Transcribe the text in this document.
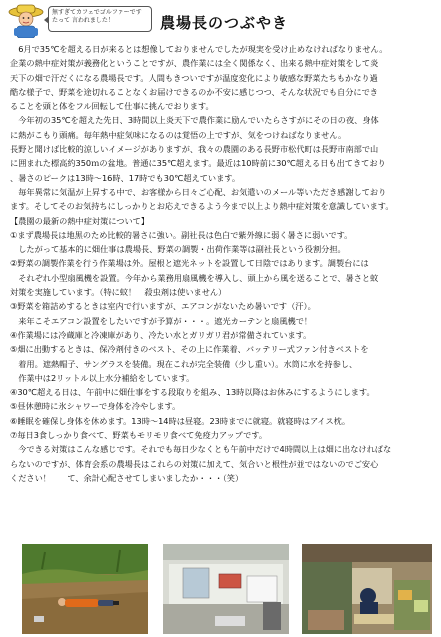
無すぎてカフェでゴルファーです
たって 言われました！	農場長のつぶやき

　6月で35℃を超える日が来るとは想像しておりませんでしたが現実を受け止めなければなりません。

企業の熱中症対策が義務化ということですが、農作業には全く関係なく、出来る熱中症対策をして炎

天下の畑で汗だくになる農場長です。人間もきついですが温度変化により敏感な野菜たちもかなり過

酷な様子で、野菜を途切れることなくお届けできるのか不安に感じつつ、そんな状況でも自分にでき

ることを頭と体をフル回転して仕事に挑んでおります。

　今年初の35℃を超えた先日、3時間以上炎天下で農作業に励んでいたらさすがにその日の夜、身体

に熱がこもり頭痛。毎年熱中症気味になるのは覚悟の上ですが、気をつけねばなりません。

長野と聞けば比較的涼しいイメージがありますが、我々の農園のある長野市松代町は長野市南部で山

に囲まれた標高約350ｍの盆地。普通に35℃超えます。最近は10時前に30℃超える日も出てきており

、暑さのピークは13時～16時、17時でも30℃超えています。

　毎年異常に気温が上昇する中で、お客様から日々ご心配、お気遣いのメール等いただき感謝しており

ます。そしてそのお気持ちにしっかりとお応えできるよう今まで以上より熱中症対策を意識しています。

【農園の最新の熱中症対策について】

①まず農場長は地黒のため比較的暑さに強い。副社長は色白で紫外線に弱く暑さに弱いです。

　したがって基本的に畑仕事は農場長、野菜の調製・出荷作業等は副社長という役割分担。

②野菜の調製作業を行う作業場は外。屋根と遮光ネットを設置して日陰ではあります。調製台には

　それぞれ小型扇風機を設置。今年から業務用扇風機を導入し、頭上から風を送ることで、暑さと蚊

対策を実施しています。（特に蚊！　殺虫剤は使いません）

③野菜を箱詰めするときは室内で行いますが、エアコンがないため暑いです（汗）。

　来年こそエアコン設置をしたいですが予算が・・・。遮光カーテンと扇風機で！

④作業場には冷蔵庫と冷凍庫があり、冷たい水とガリガリ君が常備されています。

⑤畑に出動するときは、保冷剤付きのベスト、その上に作業着、バッテリー式ファン付きベストを

　着用。遮熱帽子、サングラスを装備。現在これが完全装備（少し重い）。水筒に水を持参し、

　作業中は2リットル以上水分補給をしています。

④30℃超える日は、午前中に畑仕事をする段取りを組み、13時以降はお休みにするようにします。

⑤昼休憩時に氷シャワーで身体を冷やします。

⑥睡眠を確保し身体を休めます。13時～14時は昼寝。23時までに就寝。就寝時はアイス枕。

⑦毎日3食しっかり食べて、野菜もモリモリ食べて免疫力アップです。

　今できる対策はこんな感じです。それでも毎日少なくとも午前中だけで4時間以上は畑に出なければな

らないのですが、体育会系の農場長はこれらの対策に加えて、気合いと根性が並ではないのでご安心

ください！　　て、余計心配させてしまいましたか・・・（笑）
